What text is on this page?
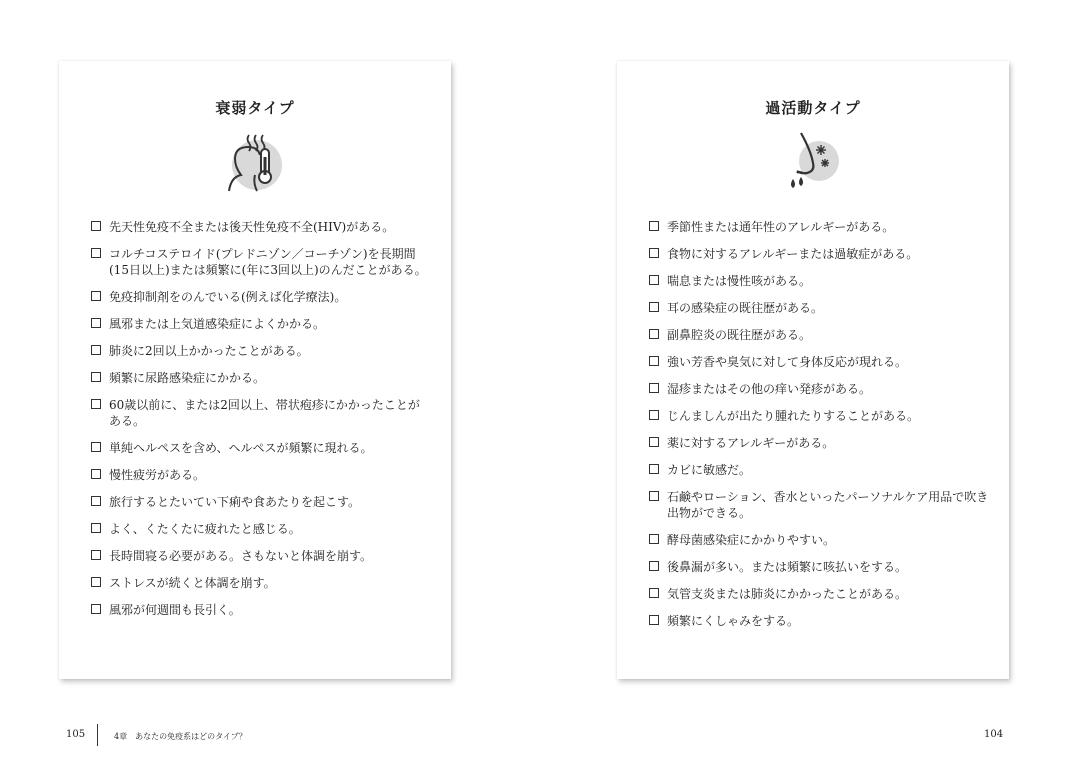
衰弱タイプ
先天性免疫不全または後天性免疫不全(HIV)がある。
コルチコステロイド(プレドニゾン／コーチゾン)を長期間(15日以上)または頻繁に(年に3回以上)のんだことがある。
免疫抑制剤をのんでいる(例えば化学療法)。
風邪または上気道感染症によくかかる。
肺炎に2回以上かかったことがある。
頻繁に尿路感染症にかかる。
60歳以前に、または2回以上、帯状疱疹にかかったことがある。
単純ヘルペスを含め、ヘルペスが頻繁に現れる。
慢性疲労がある。
旅行するとたいてい下痢や食あたりを起こす。
よく、くたくたに疲れたと感じる。
長時間寝る必要がある。さもないと体調を崩す。
ストレスが続くと体調を崩す。
風邪が何週間も長引く。
過活動タイプ
季節性または通年性のアレルギーがある。
食物に対するアレルギーまたは過敏症がある。
喘息または慢性咳がある。
耳の感染症の既往歴がある。
副鼻腔炎の既往歴がある。
強い芳香や臭気に対して身体反応が現れる。
湿疹またはその他の痒い発疹がある。
じんましんが出たり腫れたりすることがある。
薬に対するアレルギーがある。
カビに敏感だ。
石鹸やローション、香水といったパーソナルケア用品で吹き出物ができる。
酵母菌感染症にかかりやすい。
後鼻漏が多い。または頻繁に咳払いをする。
気管支炎または肺炎にかかったことがある。
頻繁にくしゃみをする。
105	4章　あなたの免疫系はどのタイプ？	104
